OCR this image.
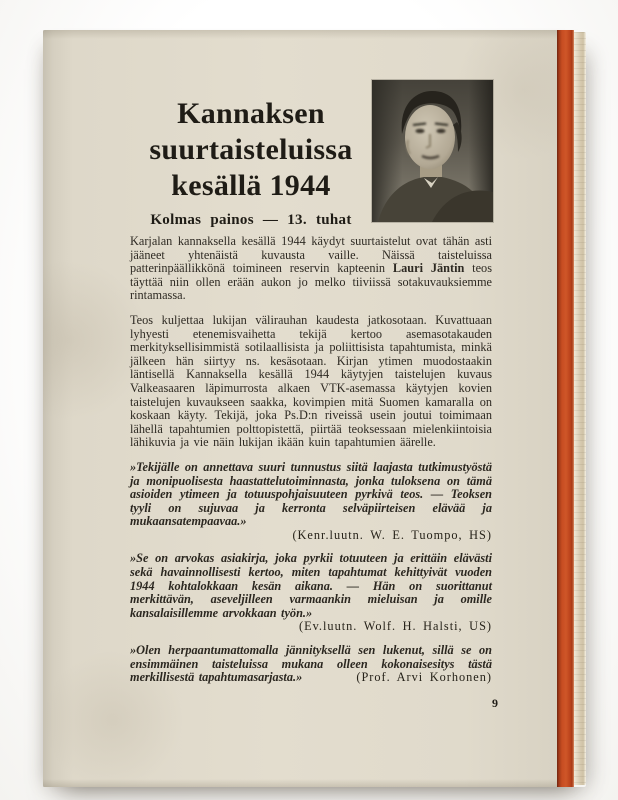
Kannaksen
suurtaisteluissa
kesällä 1944
Kolmas painos — 13. tuhat

Karjalan kannaksella kesällä 1944 käydyt suurtaistelut ovat tähän asti jääneet yhtenäistä kuvausta vaille. Näissä taisteluissa patterinpäällikkönä toimineen reservin kapteenin Lauri Jäntin teos täyttää niin ollen erään aukon jo melko tiiviissä sotakuvauksiemme rintamassa.

Teos kuljettaa lukijan välirauhan kaudesta jatkosotaan. Kuvattuaan lyhyesti etenemisvaihetta tekijä kertoo asemasotakauden merkityksellisimmistä sotilaallisista ja poliittisista tapahtumista, minkä jälkeen hän siirtyy ns. kesäsotaan. Kirjan ytimen muodostaakin läntisellä Kannaksella kesällä 1944 käytyjen taistelujen kuvaus Valkeasaaren läpimurrosta alkaen VTK-asemassa käytyjen kovien taistelujen kuvaukseen saakka, kovimpien mitä Suomen kamaralla on koskaan käyty. Tekijä, joka Ps.D:n riveissä usein joutui toimimaan lähellä tapahtumien polttopistettä, piirtää teoksessaan mielenkiintoisia lähikuvia ja vie näin lukijan ikään kuin tapahtumien äärelle.

»Tekijälle on annettava suuri tunnustus siitä laajasta tutkimustyöstä ja monipuolisesta haastattelutoiminnasta, jonka tuloksena on tämä asioiden ytimeen ja totuuspohjaisuuteen pyrkivä teos. — Teoksen tyyli on sujuvaa ja kerronta selväpiirteisen elävää ja mukaansatempaavaa.»
(Kenr.luutn. W. E. Tuompo, HS)
»Se on arvokas asiakirja, joka pyrkii totuuteen ja erittäin elävästi sekä havainnollisesti kertoo, miten tapahtumat kehittyivät vuoden 1944 kohtalokkaan kesän aikana. — Hän on suorittanut merkittävän, aseveljilleen varmaankin mieluisan ja omille kansalaisillemme arvokkaan työn.»
(Ev.luutn. Wolf. H. Halsti, US)
»Olen herpaantumattomalla jännityksellä sen lukenut, sillä se on ensimmäinen taisteluissa mukana olleen kokonaisesitys tästä merkillisestä tapahtumasarjasta.»	(Prof. Arvi Korhonen)
9
